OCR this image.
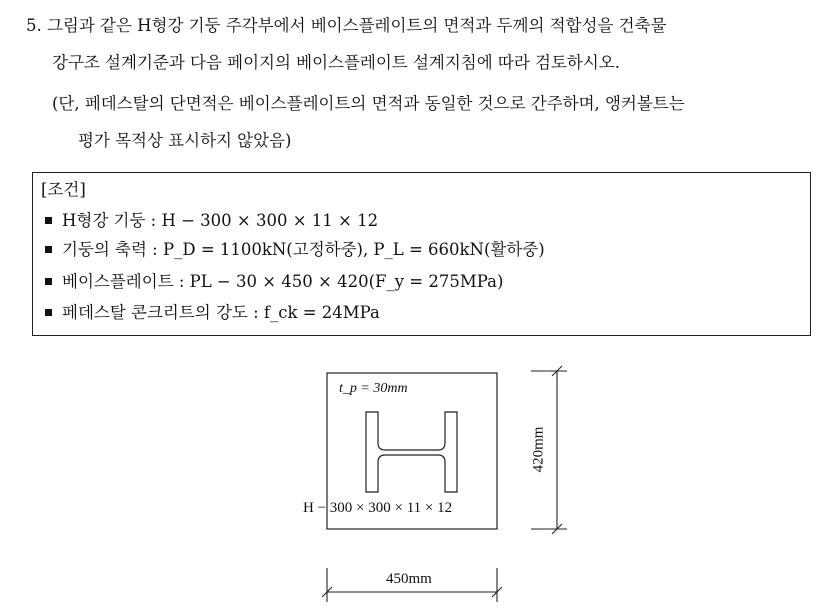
5. 그림과 같은 H형강 기둥 주각부에서 베이스플레이트의 면적과 두께의 적합성을 건축물
강구조 설계기준과 다음 페이지의 베이스플레이트 설계지침에 따라 검토하시오.
(단, 페데스탈의 단면적은 베이스플레이트의 면적과 동일한 것으로 간주하며, 앵커볼트는
평가 목적상 표시하지 않았음)
[조건]
H형강 기둥 : H − 300 × 300 × 11 × 12
기둥의 축력 : P_D = 1100kN(고정하중), P_L = 660kN(활하중)
베이스플레이트 : PL − 30 × 450 × 420(F_y = 275MPa)
페데스탈 콘크리트의 강도 : f_ck = 24MPa
t_p = 30mm
H − 300 × 300 × 11 × 12
420mm
450mm
